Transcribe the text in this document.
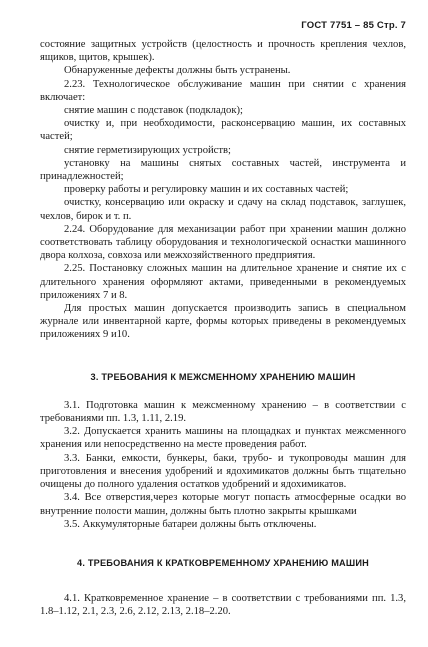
ГОСТ 7751 – 85 Стр. 7

состояние защитных устройств (целостность и прочность крепления чехлов, ящиков, щитов, крышек).

Обнаруженные дефекты должны быть устранены.

2.23. Технологическое обслуживание машин при снятии с хранения включает:

снятие машин с подставок (подкладок);

очистку и, при необходимости, расконсервацию машин, их составных частей;

снятие герметизирующих устройств;

установку на машины снятых составных частей, инструмента и принадлежностей;

проверку работы и регулировку машин и их составных частей;

очистку, консервацию или окраску и сдачу на склад подставок, заглушек, чехлов, бирок и т. п.

2.24. Оборудование для механизации работ при хранении машин должно соответствовать таблицу оборудования и технологической оснастки машинного двора колхоза, совхоза или межхозяйственного предприятия.

2.25. Постановку сложных машин на длительное хранение и снятие их с длительного хранения оформляют актами, приведенными в рекомендуемых приложениях 7 и 8.

Для простых машин допускается производить запись в специальном журнале или инвентарной карте, формы которых приведены в рекомендуемых приложениях 9 и10.

3. ТРЕБОВАНИЯ К МЕЖСМЕННОМУ ХРАНЕНИЮ МАШИН

3.1. Подготовка машин к межсменному хранению – в соответствии с требованиями пп. 1.3, 1.11, 2.19.

3.2. Допускается хранить машины на площадках и пунктах межсменного хранения или непосредственно на месте проведения работ.

3.3. Банки, емкости, бункеры, баки, трубо- и тукопроводы машин для приготовления и внесения удобрений и ядохимикатов должны быть тщательно очищены до полного удаления остатков удобрений и ядохимикатов.

3.4. Все отверстия,через которые могут попасть атмосферные осадки во внутренние полости машин, должны быть плотно закрыты крышками

3.5. Аккумуляторные батареи должны быть отключены.

4. ТРЕБОВАНИЯ К КРАТКОВРЕМЕННОМУ ХРАНЕНИЮ МАШИН

4.1. Кратковременное хранение – в соответствии с требованиями пп. 1.3, 1.8–1.12, 2.1, 2.3, 2.6, 2.12, 2.13, 2.18–2.20.
